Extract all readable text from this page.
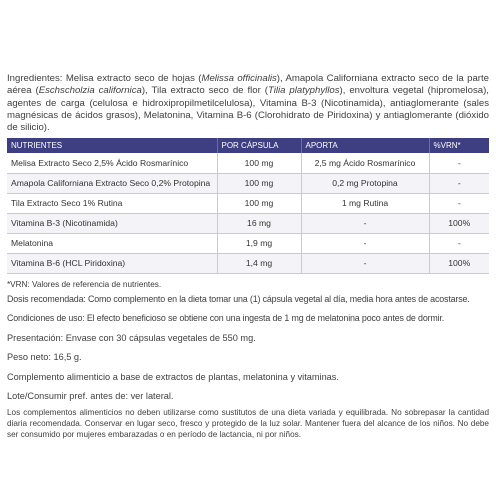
Ingredientes: Melisa extracto seco de hojas (Melissa officinalis), Amapola Californiana extracto seco de la parte aérea (Eschscholzia californica), Tila extracto seco de flor (Tilia platyphyllos), envoltura vegetal (hipromelosa), agentes de carga (celulosa e hidroxipropilmetilcelulosa), Vitamina B-3 (Nicotinamida), antiaglomerante (sales magnésicas de ácidos grasos), Melatonina, Vitamina B-6 (Clorohidrato de Piridoxina) y antiaglomerante (dióxido de silicio).

NUTRIENTES	POR CÁPSULA	APORTA	%VRN*
Melisa Extracto Seco 2,5% Ácido Rosmarínico	100 mg	2,5 mg Ácido Rosmarínico	-
Amapola Californiana Extracto Seco 0,2% Protopina	100 mg	0,2 mg Protopina	-
Tila Extracto Seco 1% Rutina	100 mg	1 mg Rutina	-
Vitamina B-3 (Nicotinamida)	16 mg	-	100%
Melatonina	1,9 mg	-	-
Vitamina B-6 (HCL Piridoxina)	1,4 mg	-	100%

*VRN: Valores de referencia de nutrientes.

Dosis recomendada: Como complemento en la dieta tomar una (1) cápsula vegetal al día, media hora antes de acostarse.

Condiciones de uso: El efecto beneficioso se obtiene con una ingesta de 1 mg de melatonina poco antes de dormir.

Presentación: Envase con 30 cápsulas vegetales de 550 mg.

Peso neto: 16,5 g.

Complemento alimenticio a base de extractos de plantas, melatonina y vitaminas.

Lote/Consumir pref. antes de: ver lateral.

Los complementos alimenticios no deben utilizarse como sustitutos de una dieta variada y equilibrada. No sobrepasar la cantidad diaria recomendada. Conservar en lugar seco, fresco y protegido de la luz solar. Mantener fuera del alcance de los niños. No debe ser consumido por mujeres embarazadas o en período de lactancia, ni por niños.
